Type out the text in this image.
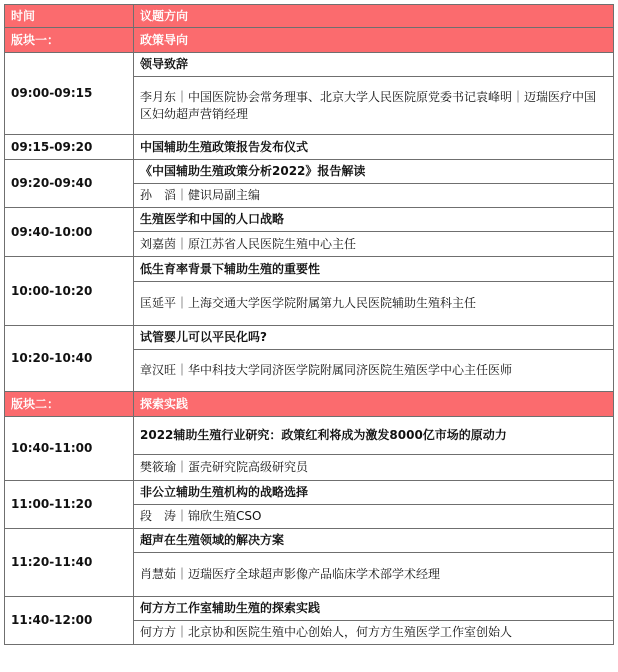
时间	议题方向
版块一：	政策导向
09:00-09:15	领导致辞
	李月东｜中国医院协会常务理事、北京大学人民医院原党委书记袁峰明｜迈瑞医疗中国区妇幼超声营销经理
09:15-09:20	中国辅助生殖政策报告发布仪式
09:20-09:40	《中国辅助生殖政策分析2022》报告解读
	孙　滔｜健识局副主编
09:40-10:00	生殖医学和中国的人口战略
	刘嘉茵｜原江苏省人民医院生殖中心主任
10:00-10:20	低生育率背景下辅助生殖的重要性
	匡延平｜上海交通大学医学院附属第九人民医院辅助生殖科主任
10:20-10:40	试管婴儿可以平民化吗?
	章汉旺｜华中科技大学同济医学院附属同济医院生殖医学中心主任医师
版块二：	探索实践
10:40-11:00	2022辅助生殖行业研究：政策红利将成为激发8000亿市场的原动力
	樊筱瑜｜蛋壳研究院高级研究员
11:00-11:20	非公立辅助生殖机构的战略选择
	段　涛｜锦欣生殖CSO
11:20-11:40	超声在生殖领域的解决方案
	肖慧茹｜迈瑞医疗全球超声影像产品临床学术部学术经理
11:40-12:00	何方方工作室辅助生殖的探索实践
	何方方｜北京协和医院生殖中心创始人，何方方生殖医学工作室创始人
